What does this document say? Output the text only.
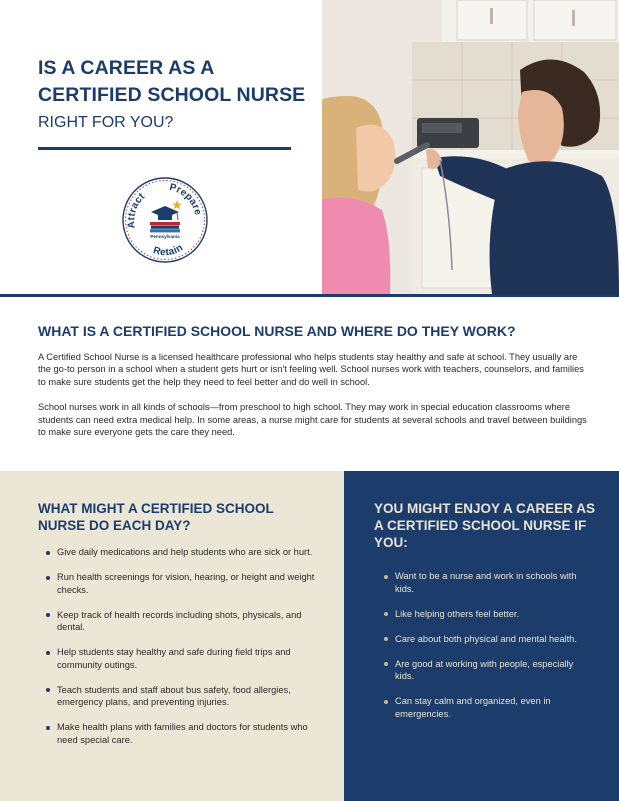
IS A CAREER AS A
CERTIFIED SCHOOL NURSE
RIGHT FOR YOU?
Attract
Prepare
Retain
Pennsylvania
WHAT IS A CERTIFIED SCHOOL NURSE AND WHERE DO THEY WORK?

A Certified School Nurse is a licensed healthcare professional who helps students stay healthy and safe at school. They usually are the go-to person in a school when a student gets hurt or isn't feeling well. School nurses work with teachers, counselors, and families to make sure students get the help they need to feel better and do well in school.

School nurses work in all kinds of schools—from preschool to high school. They may work in special education classrooms where students can need extra medical help. In some areas, a nurse might care for students at several schools and travel between buildings to make sure everyone gets the care they need.

WHAT MIGHT A CERTIFIED SCHOOL NURSE DO EACH DAY?
Give daily medications and help students who are sick or hurt.
Run health screenings for vision, hearing, or height and weight checks.
Keep track of health records including shots, physicals, and dental.
Help students stay healthy and safe during field trips and community outings.
Teach students and staff about bus safety, food allergies, emergency plans, and preventing injuries.
Make health plans with families and doctors for students who need special care.
YOU MIGHT ENJOY A CAREER AS A CERTIFIED SCHOOL NURSE IF YOU:
Want to be a nurse and work in schools with kids.
Like helping others feel better.
Care about both physical and mental health.
Are good at working with people, especially kids.
Can stay calm and organized, even in emergencies.
